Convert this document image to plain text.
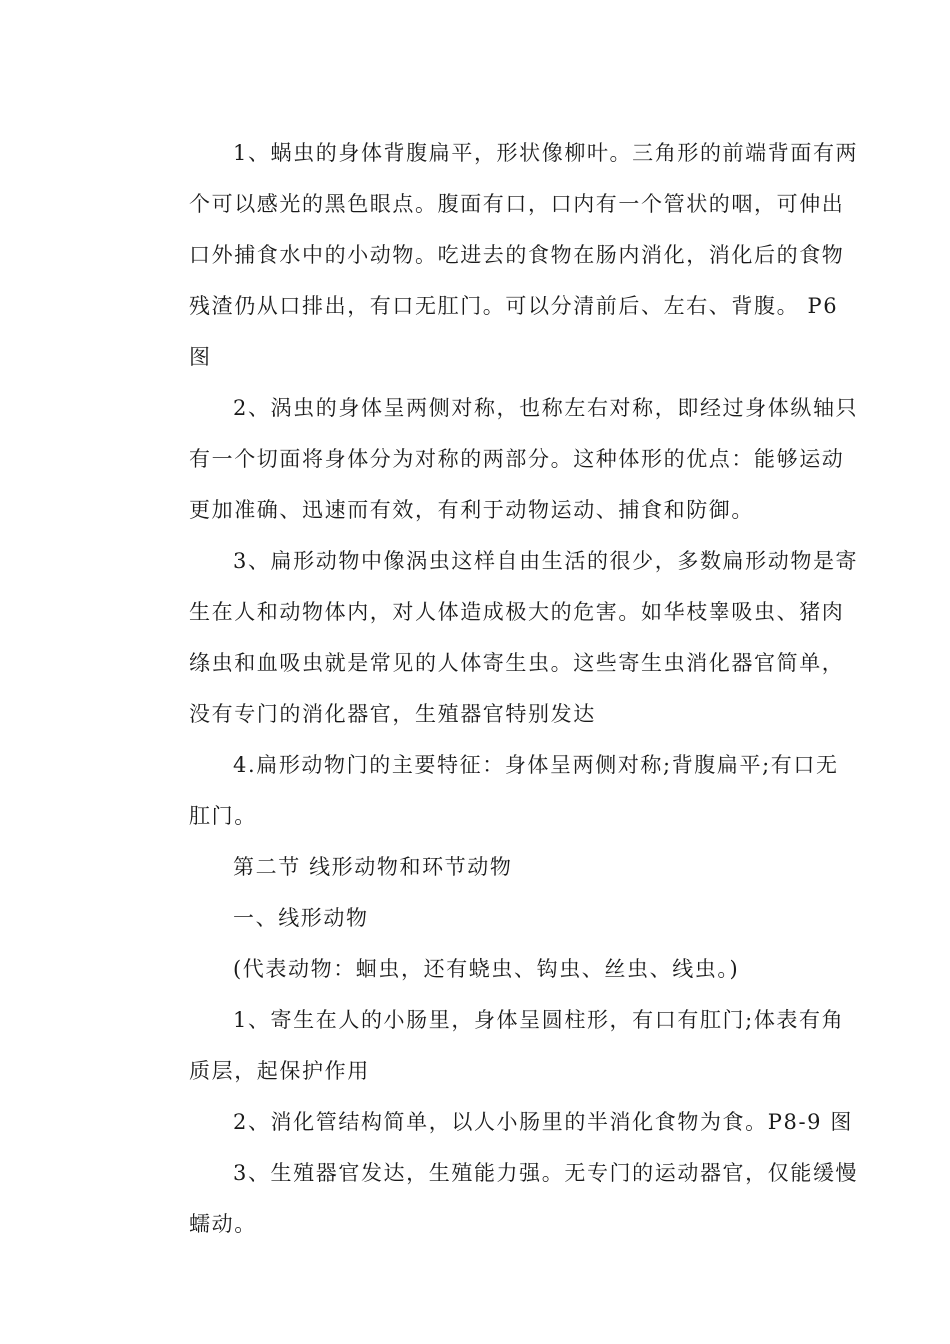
1、蜗虫的身体背腹扁平，形状像柳叶。三角形的前端背面有两
个可以感光的黑色眼点。腹面有口，口内有一个管状的咽，可伸出
口外捕食水中的小动物。吃进去的食物在肠内消化，消化后的食物
残渣仍从口排出，有口无肛门。可以分清前后、左右、背腹。 P6
图
2、涡虫的身体呈两侧对称，也称左右对称，即经过身体纵轴只
有一个切面将身体分为对称的两部分。这种体形的优点：能够运动
更加准确、迅速而有效，有利于动物运动、捕食和防御。
3、扁形动物中像涡虫这样自由生活的很少，多数扁形动物是寄
生在人和动物体内，对人体造成极大的危害。如华枝睾吸虫、猪肉
绦虫和血吸虫就是常见的人体寄生虫。这些寄生虫消化器官简单，
没有专门的消化器官，生殖器官特别发达
4.扁形动物门的主要特征：身体呈两侧对称;背腹扁平;有口无
肛门。
第二节 线形动物和环节动物
一、线形动物
(代表动物：蛔虫，还有蛲虫、钩虫、丝虫、线虫。)
1、寄生在人的小肠里，身体呈圆柱形，有口有肛门;体表有角
质层，起保护作用
2、消化管结构简单，以人小肠里的半消化食物为食。P8-9 图
3、生殖器官发达，生殖能力强。无专门的运动器官，仅能缓慢
蠕动。
